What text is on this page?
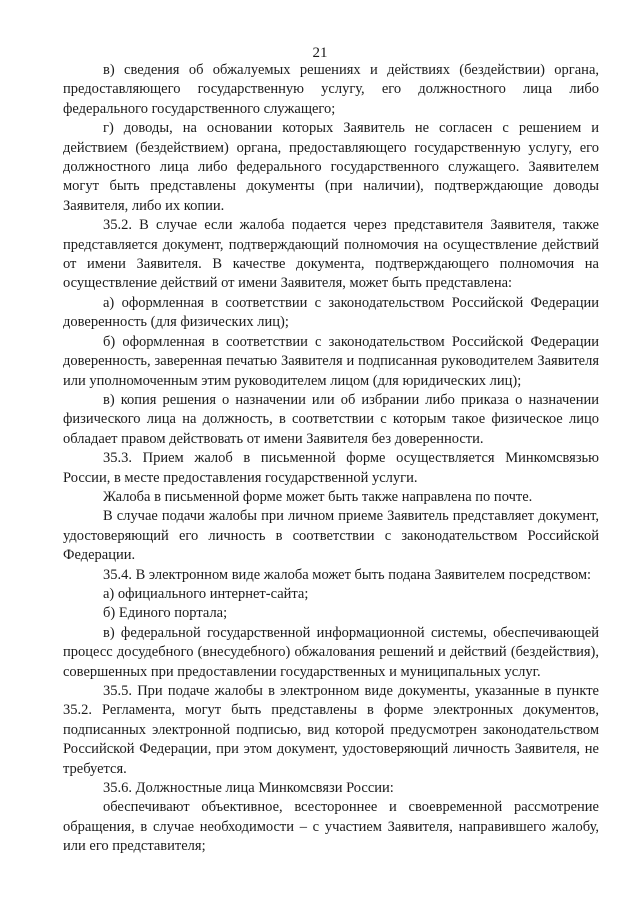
21

в) сведения об обжалуемых решениях и действиях (бездействии) органа, предоставляющего государственную услугу, его должностного лица либо федерального государственного служащего;

г) доводы, на основании которых Заявитель не согласен с решением и действием (бездействием) органа, предоставляющего государственную услугу, его должностного лица либо федерального государственного служащего. Заявителем могут быть представлены документы (при наличии), подтверждающие доводы Заявителя, либо их копии.

35.2. В случае если жалоба подается через представителя Заявителя, также представляется документ, подтверждающий полномочия на осуществление действий от имени Заявителя. В качестве документа, подтверждающего полномочия на осуществление действий от имени Заявителя, может быть представлена:

а) оформленная в соответствии с законодательством Российской Федерации доверенность (для физических лиц);

б) оформленная в соответствии с законодательством Российской Федерации доверенность, заверенная печатью Заявителя и подписанная руководителем Заявителя или уполномоченным этим руководителем лицом (для юридических лиц);

в) копия решения о назначении или об избрании либо приказа о назначении физического лица на должность, в соответствии с которым такое физическое лицо обладает правом действовать от имени Заявителя без доверенности.

35.3. Прием жалоб в письменной форме осуществляется Минкомсвязью России, в месте предоставления государственной услуги.

Жалоба в письменной форме может быть также направлена по почте.

В случае подачи жалобы при личном приеме Заявитель представляет документ, удостоверяющий его личность в соответствии с законодательством Российской Федерации.

35.4. В электронном виде жалоба может быть подана Заявителем посредством:

а) официального интернет-сайта;

б) Единого портала;

в) федеральной государственной информационной системы, обеспечивающей процесс досудебного (внесудебного) обжалования решений и действий (бездействия), совершенных при предоставлении государственных и муниципальных услуг.

35.5. При подаче жалобы в электронном виде документы, указанные в пункте 35.2. Регламента, могут быть представлены в форме электронных документов, подписанных электронной подписью, вид которой предусмотрен законодательством Российской Федерации, при этом документ, удостоверяющий личность Заявителя, не требуется.

35.6. Должностные лица Минкомсвязи России:

обеспечивают объективное, всестороннее и своевременной рассмотрение обращения, в случае необходимости – с участием Заявителя, направившего жалобу, или его представителя;
